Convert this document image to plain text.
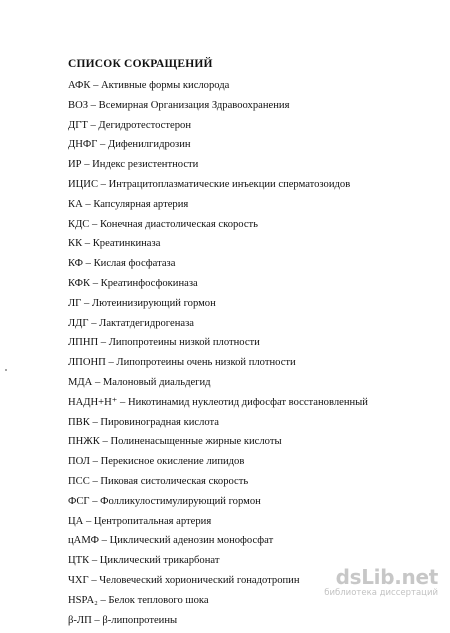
СПИСОК СОКРАЩЕНИЙ
АФК – Активные формы кислорода
ВОЗ – Всемирная Организация Здравоохранения
ДГТ – Дегидротестостерон
ДНФГ – Дифенилгидрозин
ИР – Индекс резистентности
ИЦИС – Интрацитоплазматические инъекции сперматозоидов
КА – Капсулярная артерия
КДС – Конечная диастолическая скорость
КК – Креатинкиназа
КФ – Кислая фосфатаза
КФК – Креатинфосфокиназа
ЛГ – Лютеинизирующий гормон
ЛДГ – Лактатдегидрогеназа
ЛПНП – Липопротеины низкой плотности
ЛПОНП – Липопротеины очень низкой плотности
МДА – Малоновый диальдегид
НАДН+Н⁺ – Никотинамид нуклеотид дифосфат восстановленный
ПВК – Пировиноградная кислота
ПНЖК – Полиненасыщенные жирные кислоты
ПОЛ – Перекисное окисление липидов
ПСС – Пиковая систолическая скорость
ФСГ – Фолликулостимулирующий гормон
ЦА – Центропитальная артерия
цАМФ – Циклический аденозин монофосфат
ЦТК – Циклический трикарбонат
ЧХГ – Человеческий хорионический гонадотропин
HSPA₂ – Белок теплового шока
β-ЛП – β-липопротеины
dsLib.net
библиотека диссертаций
